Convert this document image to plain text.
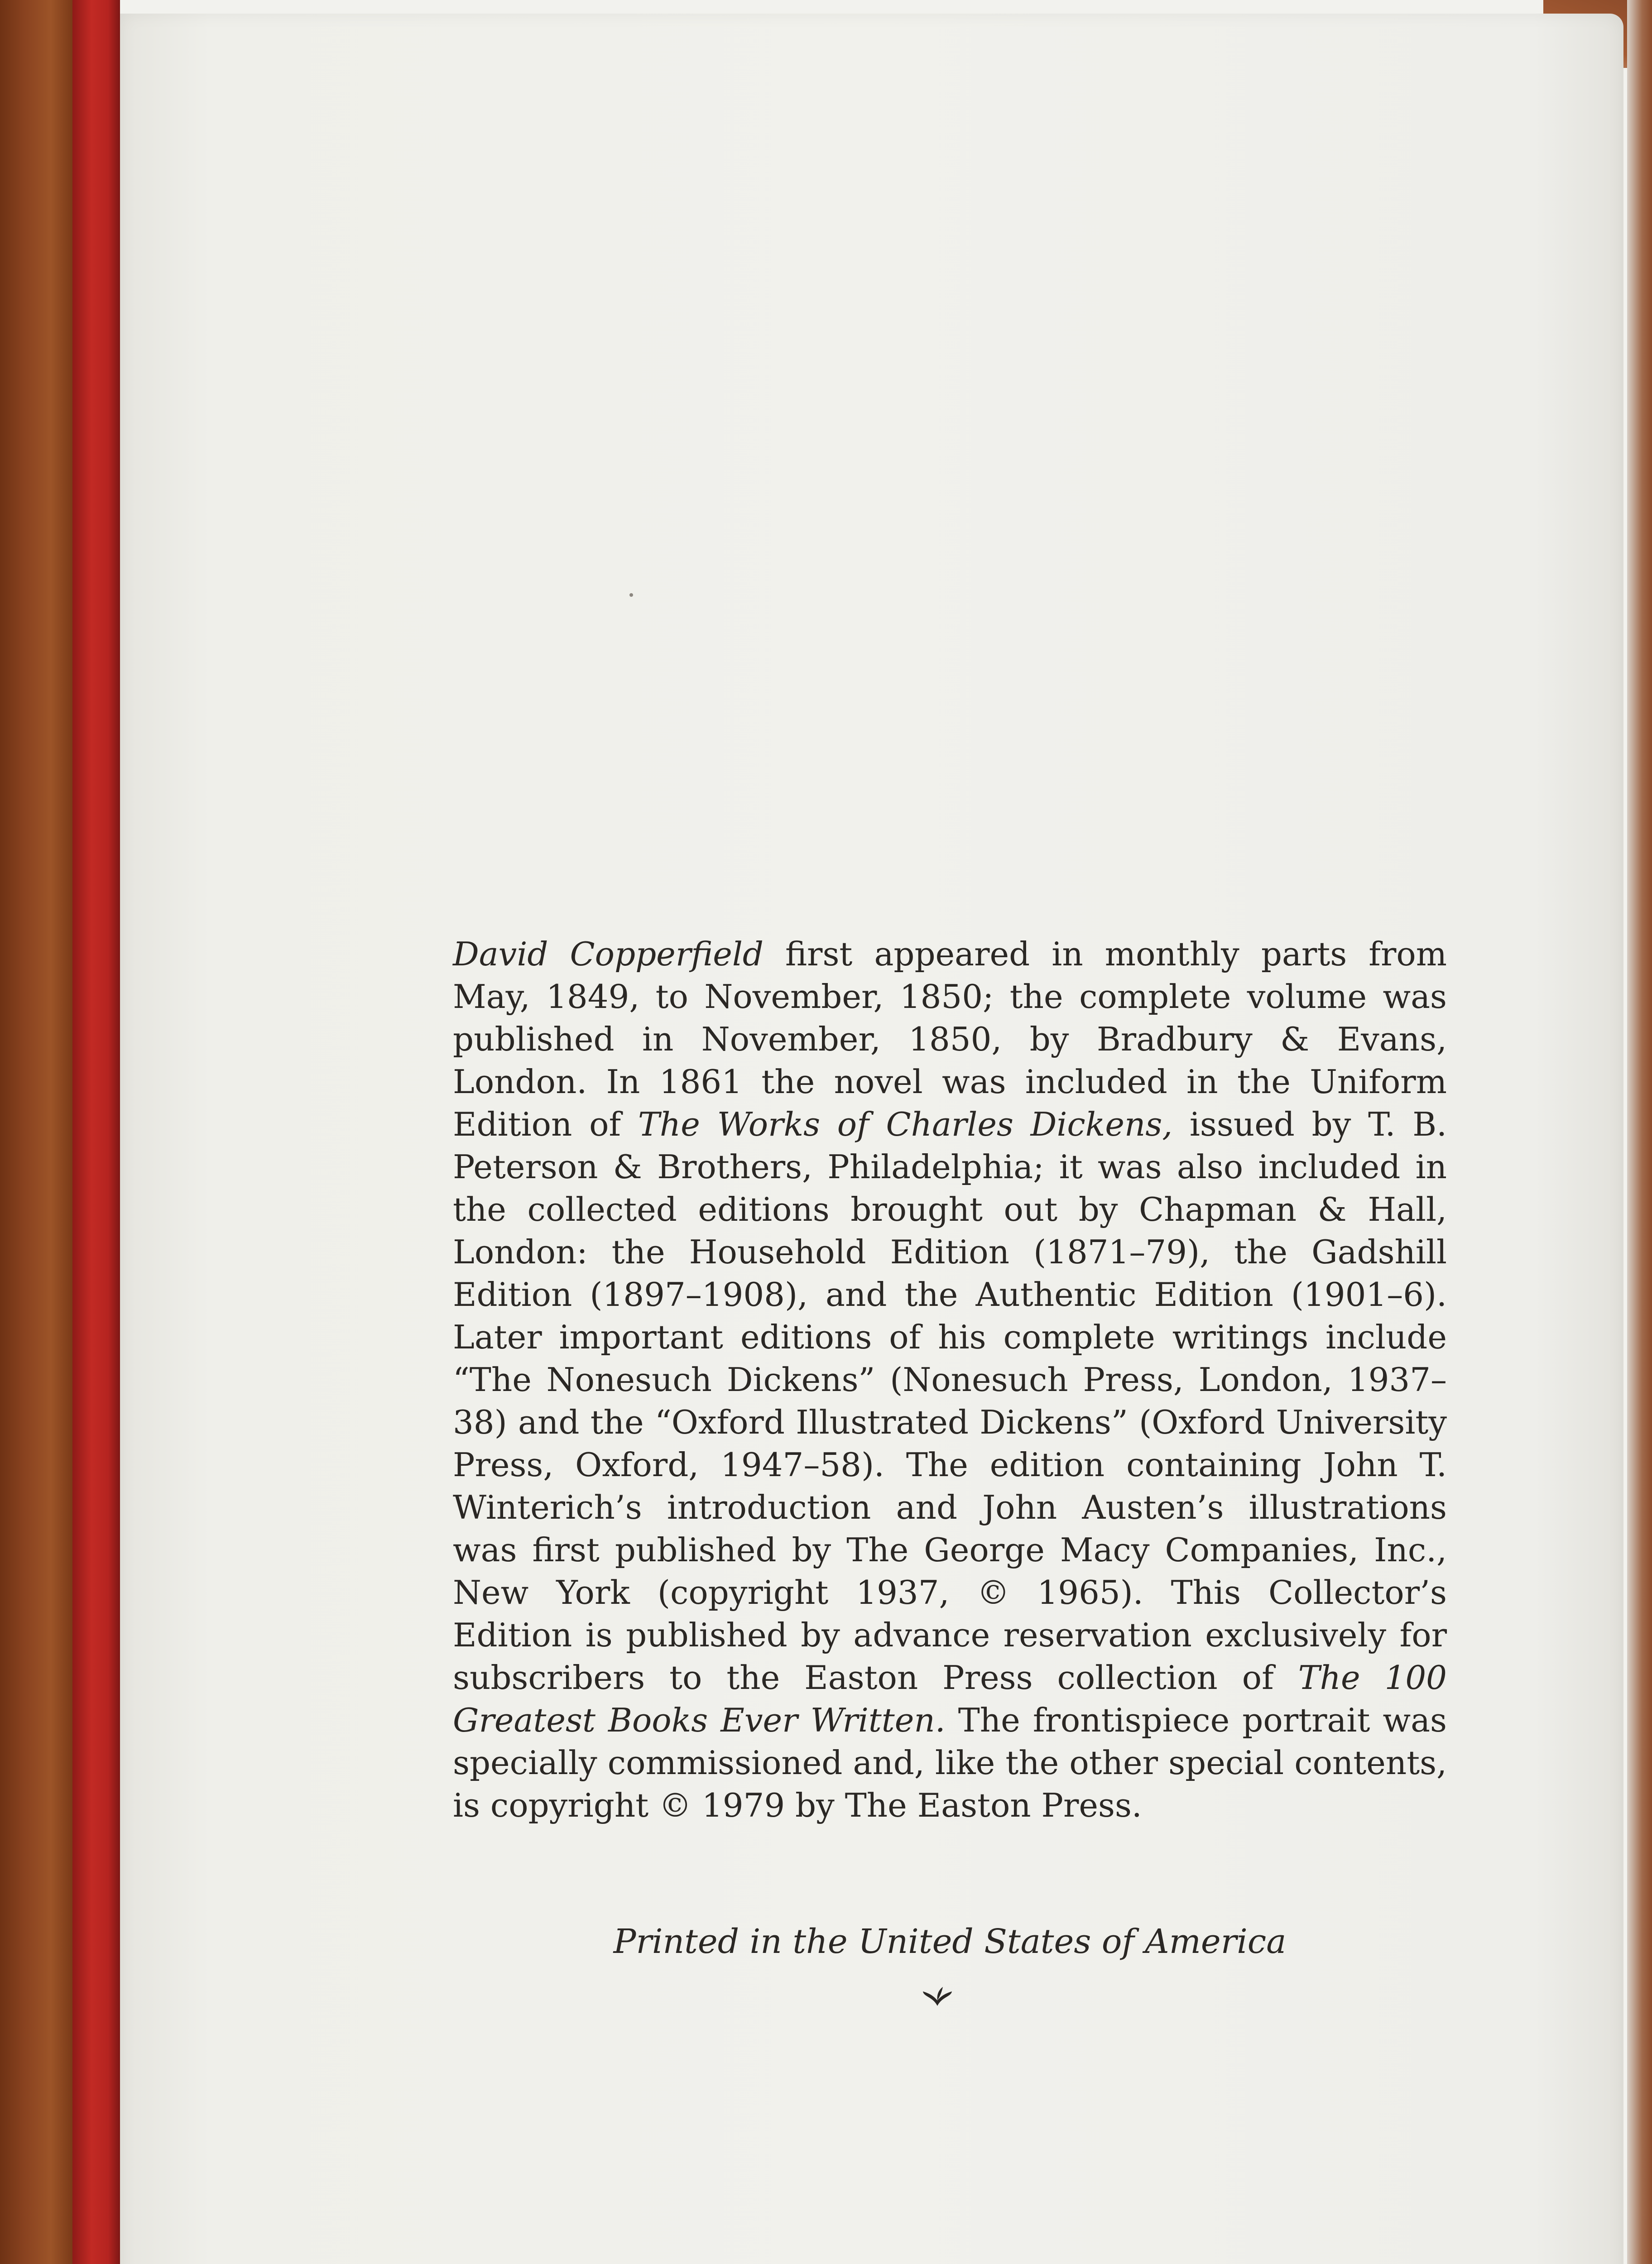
David Copperfield first appeared in monthly parts from May, 1849, to November, 1850; the complete volume was published in November, 1850, by Bradbury & Evans, London. In 1861 the novel was included in the Uniform Edition of The Works of Charles Dickens, issued by T. B. Peterson & Brothers, Philadelphia; it was also included in the collected editions brought out by Chapman & Hall, London: the Household Edition (1871–79), the Gadshill Edition (1897–1908), and the Authentic Edition (1901–6). Later important editions of his complete writings include “The Nonesuch Dickens” (Nonesuch Press, London, 1937–38) and the “Oxford Illustrated Dickens” (Oxford University Press, Oxford, 1947–58). The edition containing John T. Winterich’s introduction and John Austen’s illustrations was first published by The George Macy Companies, Inc., New York (copyright 1937, © 1965). This Collector’s Edition is published by advance reservation exclusively for subscribers to the Easton Press collection of The 100 Greatest Books Ever Written. The frontispiece portrait was specially commissioned and, like the other special contents, is copyright © 1979 by The Easton Press.

Printed in the United States of America
